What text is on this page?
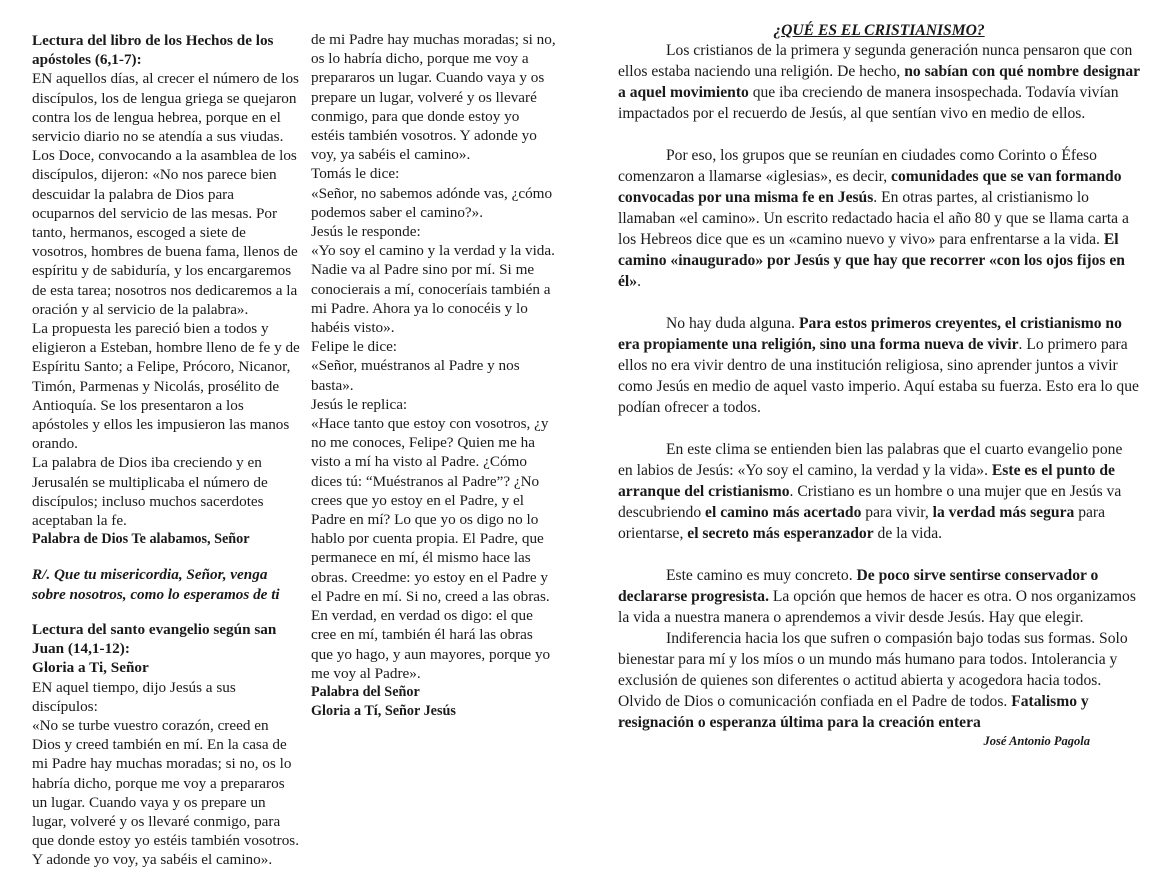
Lectura del libro de los Hechos de los apóstoles (6,1-7):

EN aquellos días, al crecer el número de los discípulos, los de lengua griega se quejaron contra los de lengua hebrea, porque en el servicio diario no se atendía a sus viudas. Los Doce, convocando a la asamblea de los discípulos, dijeron: «No nos parece bien descuidar la palabra de Dios para ocuparnos del servicio de las mesas. Por tanto, hermanos, escoged a siete de vosotros, hombres de buena fama, llenos de espíritu y de sabiduría, y los encargaremos de esta tarea; nosotros nos dedicaremos a la oración y al servicio de la palabra».

La propuesta les pareció bien a todos y eligieron a Esteban, hombre lleno de fe y de Espíritu Santo; a Felipe, Prócoro, Nicanor, Timón, Parmenas y Nicolás, prosélito de Antioquía. Se los presentaron a los apóstoles y ellos les impusieron las manos orando.

La palabra de Dios iba creciendo y en Jerusalén se multiplicaba el número de discípulos; incluso muchos sacerdotes aceptaban la fe.

Palabra de Dios Te alabamos, Señor

R/. Que tu misericordia, Señor, venga sobre nosotros, como lo esperamos de ti

Lectura del santo evangelio según san Juan (14,1-12):

Gloria a Ti, Señor

EN aquel tiempo, dijo Jesús a sus discípulos:

«No se turbe vuestro corazón, creed en Dios y creed también en mí. En la casa de mi Padre hay muchas moradas; si no, os lo habría dicho, porque me voy a prepararos un lugar. Cuando vaya y os prepare un lugar, volveré y os llevaré conmigo, para que donde estoy yo estéis también vosotros. Y adonde yo voy, ya sabéis el camino».

de mi Padre hay muchas moradas; si no, os lo habría dicho, porque me voy a prepararos un lugar. Cuando vaya y os prepare un lugar, volveré y os llevaré conmigo, para que donde estoy yo estéis también vosotros. Y adonde yo voy, ya sabéis el camino».

Tomás le dice:

«Señor, no sabemos adónde vas, ¿cómo podemos saber el camino?».

Jesús le responde:

«Yo soy el camino y la verdad y la vida. Nadie va al Padre sino por mí. Si me conocierais a mí, conoceríais también a mi Padre. Ahora ya lo conocéis y lo habéis visto».

Felipe le dice:

«Señor, muéstranos al Padre y nos basta».

Jesús le replica:

«Hace tanto que estoy con vosotros, ¿y no me conoces, Felipe? Quien me ha visto a mí ha visto al Padre. ¿Cómo dices tú: “Muéstranos al Padre”? ¿No crees que yo estoy en el Padre, y el Padre en mí? Lo que yo os digo no lo hablo por cuenta propia. El Padre, que permanece en mí, él mismo hace las obras. Creedme: yo estoy en el Padre y el Padre en mí. Si no, creed a las obras.

En verdad, en verdad os digo: el que cree en mí, también él hará las obras que yo hago, y aun mayores, porque yo me voy al Padre».

Palabra del Señor

Gloria a Tí, Señor Jesús

¿QUÉ ES EL CRISTIANISMO?

Los cristianos de la primera y segunda generación nunca pensaron que con ellos estaba naciendo una religión. De hecho, no sabían con qué nombre designar a aquel movimiento que iba creciendo de manera insospechada. Todavía vivían impactados por el recuerdo de Jesús, al que sentían vivo en medio de ellos.

Por eso, los grupos que se reunían en ciudades como Corinto o Éfeso comenzaron a llamarse «iglesias», es decir, comunidades que se van formando convocadas por una misma fe en Jesús. En otras partes, al cristianismo lo llamaban «el camino». Un escrito redactado hacia el año 80 y que se llama carta a los Hebreos dice que es un «camino nuevo y vivo» para enfrentarse a la vida. El camino «inaugurado» por Jesús y que hay que recorrer «con los ojos fijos en él».

No hay duda alguna. Para estos primeros creyentes, el cristianismo no era propiamente una religión, sino una forma nueva de vivir. Lo primero para ellos no era vivir dentro de una institución religiosa, sino aprender juntos a vivir como Jesús en medio de aquel vasto imperio. Aquí estaba su fuerza. Esto era lo que podían ofrecer a todos.

En este clima se entienden bien las palabras que el cuarto evangelio pone en labios de Jesús: «Yo soy el camino, la verdad y la vida». Este es el punto de arranque del cristianismo. Cristiano es un hombre o una mujer que en Jesús va descubriendo el camino más acertado para vivir, la verdad más segura para orientarse, el secreto más esperanzador de la vida.

Este camino es muy concreto. De poco sirve sentirse conservador o declararse progresista. La opción que hemos de hacer es otra. O nos organizamos la vida a nuestra manera o aprendemos a vivir desde Jesús. Hay que elegir.

Indiferencia hacia los que sufren o compasión bajo todas sus formas. Solo bienestar para mí y los míos o un mundo más humano para todos. Intolerancia y exclusión de quienes son diferentes o actitud abierta y acogedora hacia todos. Olvido de Dios o comunicación confiada en el Padre de todos. Fatalismo y resignación o esperanza última para la creación entera

José Antonio Pagola
